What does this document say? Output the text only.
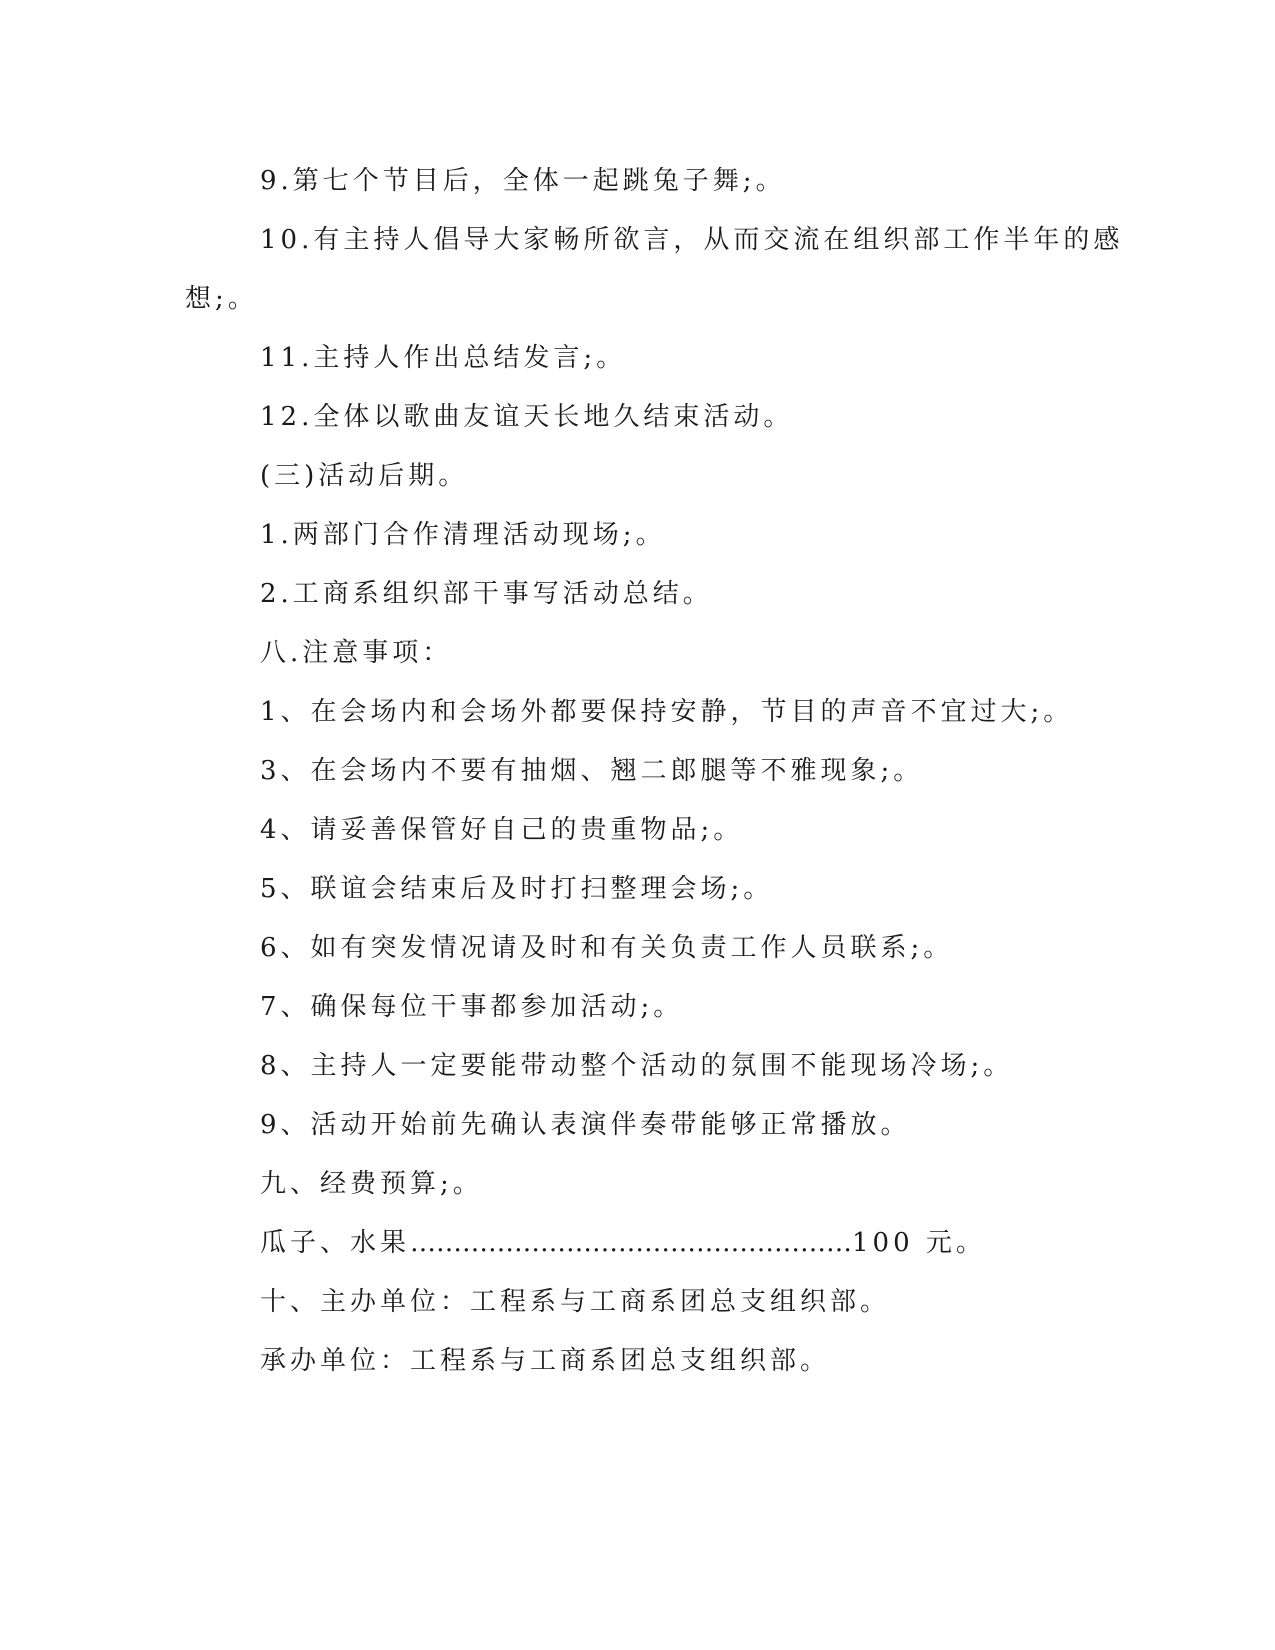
9.第七个节目后，全体一起跳兔子舞;。
10.有主持人倡导大家畅所欲言，从而交流在组织部工作半年的感
想;。
11.主持人作出总结发言;。
12.全体以歌曲友谊天长地久结束活动。
(三)活动后期。
1.两部门合作清理活动现场;。
2.工商系组织部干事写活动总结。
八.注意事项：
1、在会场内和会场外都要保持安静，节目的声音不宜过大;。
3、在会场内不要有抽烟、翘二郎腿等不雅现象;。
4、请妥善保管好自己的贵重物品;。
5、联谊会结束后及时打扫整理会场;。
6、如有突发情况请及时和有关负责工作人员联系;。
7、确保每位干事都参加活动;。
8、主持人一定要能带动整个活动的氛围不能现场冷场;。
9、活动开始前先确认表演伴奏带能够正常播放。
九、经费预算;。
瓜子、水果……………………………………………100 元。
十、主办单位：工程系与工商系团总支组织部。
承办单位：工程系与工商系团总支组织部。
